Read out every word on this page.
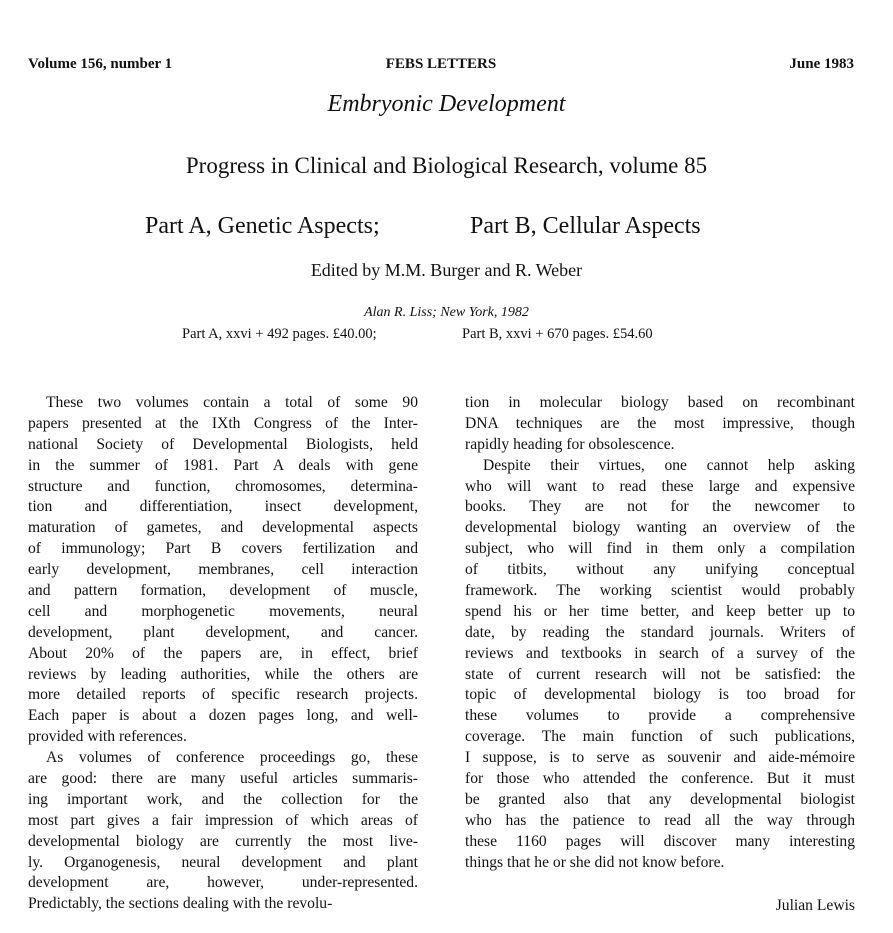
Volume 156, number 1	FEBS LETTERS	June 1983
Embryonic Development
Progress in Clinical and Biological Research, volume 85
Part A, Genetic Aspects;	Part B, Cellular Aspects
Edited by M.M. Burger and R. Weber
Alan R. Liss; New York, 1982
Part A, xxvi + 492 pages. £40.00;	Part B, xxvi + 670 pages. £54.60
These two volumes contain a total of some 90
papers presented at the IXth Congress of the Inter-
national Society of Developmental Biologists, held
in the summer of 1981. Part A deals with gene
structure and function, chromosomes, determina-
tion and differentiation, insect development,
maturation of gametes, and developmental aspects
of immunology; Part B covers fertilization and
early development, membranes, cell interaction
and pattern formation, development of muscle,
cell and morphogenetic movements, neural
development, plant development, and cancer.
About 20% of the papers are, in effect, brief
reviews by leading authorities, while the others are
more detailed reports of specific research projects.
Each paper is about a dozen pages long, and well-
provided with references.
As volumes of conference proceedings go, these
are good: there are many useful articles summaris-
ing important work, and the collection for the
most part gives a fair impression of which areas of
developmental biology are currently the most live-
ly. Organogenesis, neural development and plant
development are, however, under-represented.
Predictably, the sections dealing with the revolu-
tion in molecular biology based on recombinant
DNA techniques are the most impressive, though
rapidly heading for obsolescence.
Despite their virtues, one cannot help asking
who will want to read these large and expensive
books. They are not for the newcomer to
developmental biology wanting an overview of the
subject, who will find in them only a compilation
of titbits, without any unifying conceptual
framework. The working scientist would probably
spend his or her time better, and keep better up to
date, by reading the standard journals. Writers of
reviews and textbooks in search of a survey of the
state of current research will not be satisfied: the
topic of developmental biology is too broad for
these volumes to provide a comprehensive
coverage. The main function of such publications,
I suppose, is to serve as souvenir and aide-mémoire
for those who attended the conference. But it must
be granted also that any developmental biologist
who has the patience to read all the way through
these 1160 pages will discover many interesting
things that he or she did not know before.
Julian Lewis
